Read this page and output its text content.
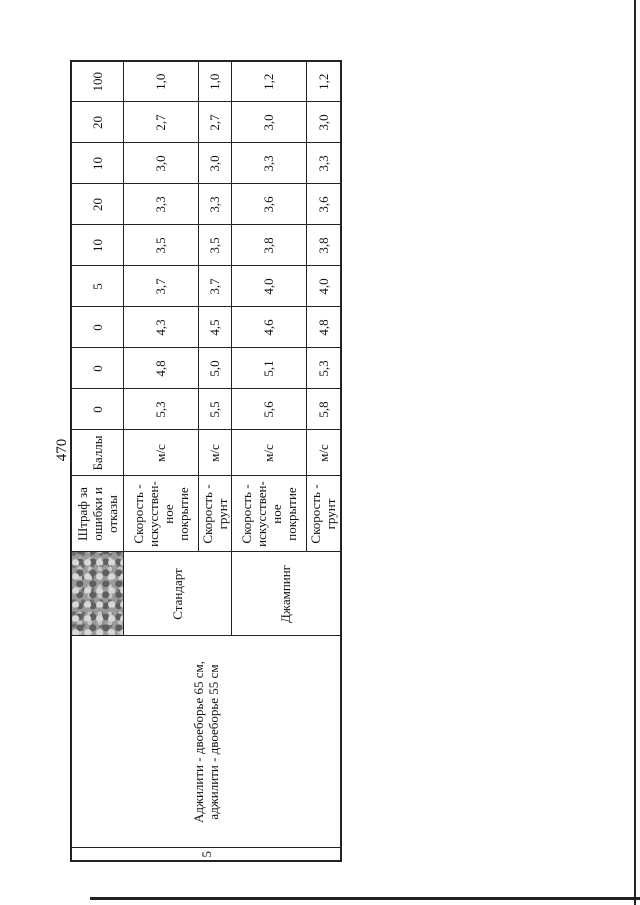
470
5	Аджилити - двоеборье 65 см, аджилити - двоеборье 55 см		Штраф за ошибки и отказы	Баллы	0	0	0	5	10	20	10	20	100
		Стандарт	Скорость - искусствен-ное покрытие	м/с	5,3	4,8	4,3	3,7	3,5	3,3	3,0	2,7	1,0
			Скорость - грунт	м/с	5,5	5,0	4,5	3,7	3,5	3,3	3,0	2,7	1,0
		Джампинг	Скорость - искусствен-ное покрытие	м/с	5,6	5,1	4,6	4,0	3,8	3,6	3,3	3,0	1,2
			Скорость - грунт	м/с	5,8	5,3	4,8	4,0	3,8	3,6	3,3	3,0	1,2
